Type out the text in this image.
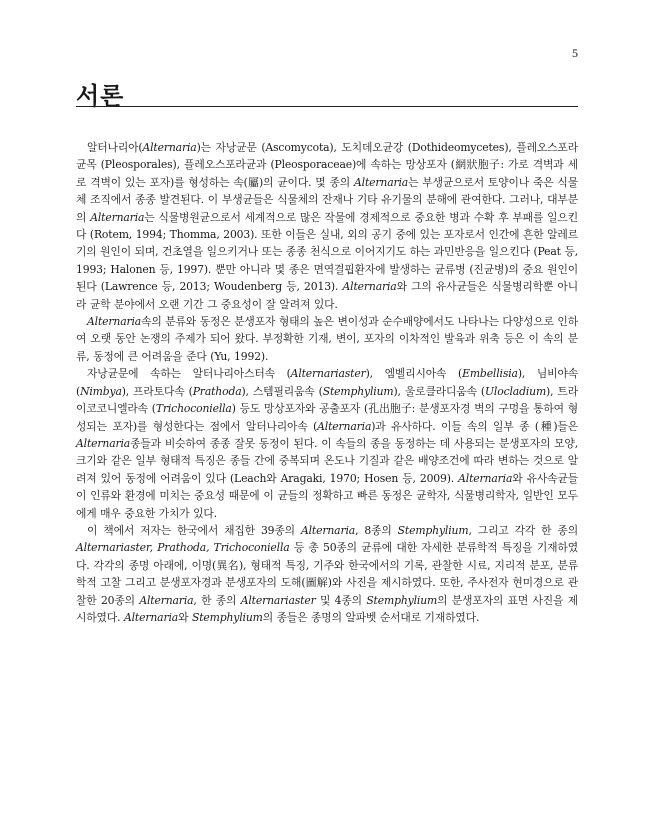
5
서론

알터나리아(Alternaria)는 자낭균문 (Ascomycota), 도치데오균강 (Dothideomycetes), 플레오스포라균목 (Pleosporales), 플레오스포라균과 (Pleosporaceae)에 속하는 망상포자 (網狀胞子: 가로 격벽과 세로 격벽이 있는 포자)를 형성하는 속(屬)의 균이다. 몇 종의 Alternaria는 부생균으로서 토양이나 죽은 식물체 조직에서 종종 발견된다. 이 부생균들은 식물체의 잔재나 기타 유기물의 분해에 관여한다. 그러나, 대부분의 Alternaria는 식물병원균으로서 세계적으로 많은 작물에 경제적으로 중요한 병과 수확 후 부패를 일으킨다 (Rotem, 1994; Thomma, 2003). 또한 이들은 실내, 외의 공기 중에 있는 포자로서 인간에 흔한 알레르기의 원인이 되며, 건초열을 일으키거나 또는 종종 천식으로 이어지기도 하는 과민반응을 일으킨다 (Peat 등, 1993; Halonen 등, 1997). 뿐만 아니라 몇 종은 면역결핍환자에 발생하는 균류병 (진균병)의 중요 원인이 된다 (Lawrence 등, 2013; Woudenberg 등, 2013). Alternaria와 그의 유사균들은 식물병리학뿐 아니라 균학 분야에서 오랜 기간 그 중요성이 잘 알려져 있다.

Alternaria속의 분류와 동정은 분생포자 형태의 높은 변이성과 순수배양에서도 나타나는 다양성으로 인하여 오랫 동안 논쟁의 주제가 되어 왔다. 부정확한 기재, 변이, 포자의 이차적인 발육과 위축 등은 이 속의 분류, 동정에 큰 어려움을 준다 (Yu, 1992).

자낭균문에 속하는 알터나리아스터속 (Alternariaster), 엠벨리시아속 (Embellisia), 님비야속 (Nimbya), 프라토다속 (Prathoda), 스템필리움속 (Stemphylium), 울로클라디움속 (Ulocladium), 트라이코코니엘라속 (Trichoconiella) 등도 망상포자와 공출포자 (孔出胞子: 분생포자경 벽의 구멍을 통하여 형성되는 포자)를 형성한다는 점에서 알터나리아속 (Alternaria)과 유사하다. 이들 속의 일부 종 (種)들은 Alternaria종들과 비슷하여 종종 잘못 동정이 된다. 이 속들의 종을 동정하는 데 사용되는 분생포자의 모양, 크기와 같은 일부 형태적 특징은 종들 간에 중복되며 온도나 기질과 같은 배양조건에 따라 변하는 것으로 알려져 있어 동정에 어려움이 있다 (Leach와 Aragaki, 1970; Hosen 등, 2009). Alternaria와 유사속균들이 인류와 환경에 미치는 중요성 때문에 이 균들의 정확하고 빠른 동정은 균학자, 식물병리학자, 일반인 모두에게 매우 중요한 가치가 있다.

이 책에서 저자는 한국에서 채집한 39종의 Alternaria, 8종의 Stemphylium, 그리고 각각 한 종의 Alternariaster, Prathoda, Trichoconiella 등 총 50종의 균류에 대한 자세한 분류학적 특징을 기재하였다. 각각의 종명 아래에, 이명(異名), 형태적 특징, 기주와 한국에서의 기록, 관찰한 시료, 지리적 분포, 분류학적 고찰 그리고 분생포자경과 분생포자의 도해(圖解)와 사진을 제시하였다. 또한, 주사전자 현미경으로 관찰한 20종의 Alternaria, 한 종의 Alternariaster 및 4종의 Stemphylium의 분생포자의 표면 사진을 제시하였다. Alternaria와 Stemphylium의 종들은 종명의 알파벳 순서대로 기재하였다.
